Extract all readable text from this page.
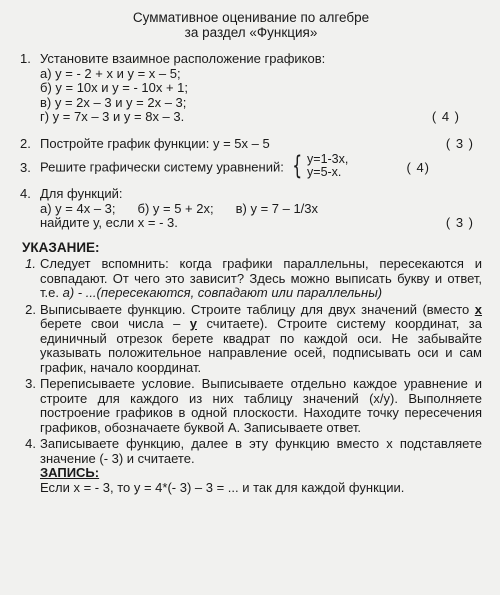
Суммативное оценивание по алгебре
за раздел «Функция»
1. Установите взаимное расположение графиков:
а) у = - 2 + х и у = х – 5;
б) у = 10х и у = - 10х + 1;
в) у = 2х – 3 и у = 2х – 3;
г) у = 7х – 3 и у = 8х – 3.	( 4 )
2. Постройте график функции: у = 5х – 5	( 3 )
3. Решите графически систему уравнений: { у=1-3х,
у=5-х.	( 4)
4. Для функций:
а) у = 4х – 3; б) у = 5 + 2х; в) у = 7 – 1/3х
найдите у, если х = - 3.	( 3 )
УКАЗАНИЕ:
1. Следует вспомнить: когда графики параллельны, пересекаются и совпадают. От чего это зависит? Здесь можно выписать букву и ответ, т.е. а) - ...(пересекаются, совпадают или параллельны)
2. Выписываете функцию. Строите таблицу для двух значений (вместо х берете свои числа – у считаете). Строите систему координат, за единичный отрезок берете квадрат по каждой оси. Не забывайте указывать положительное направление осей, подписывать оси и сам график, начало координат.
3. Переписываете условие. Выписываете отдельно каждое уравнение и строите для каждого из них таблицу значений (х/у). Выполняете построение графиков в одной плоскости. Находите точку пересечения графиков, обозначаете буквой А. Записываете ответ.
4. Записываете функцию, далее в эту функцию вместо х подставляете значение (- 3) и считаете.
ЗАПИСЬ:
Если х = - 3, то у = 4*(- 3) – 3 = ... и так для каждой функции.
